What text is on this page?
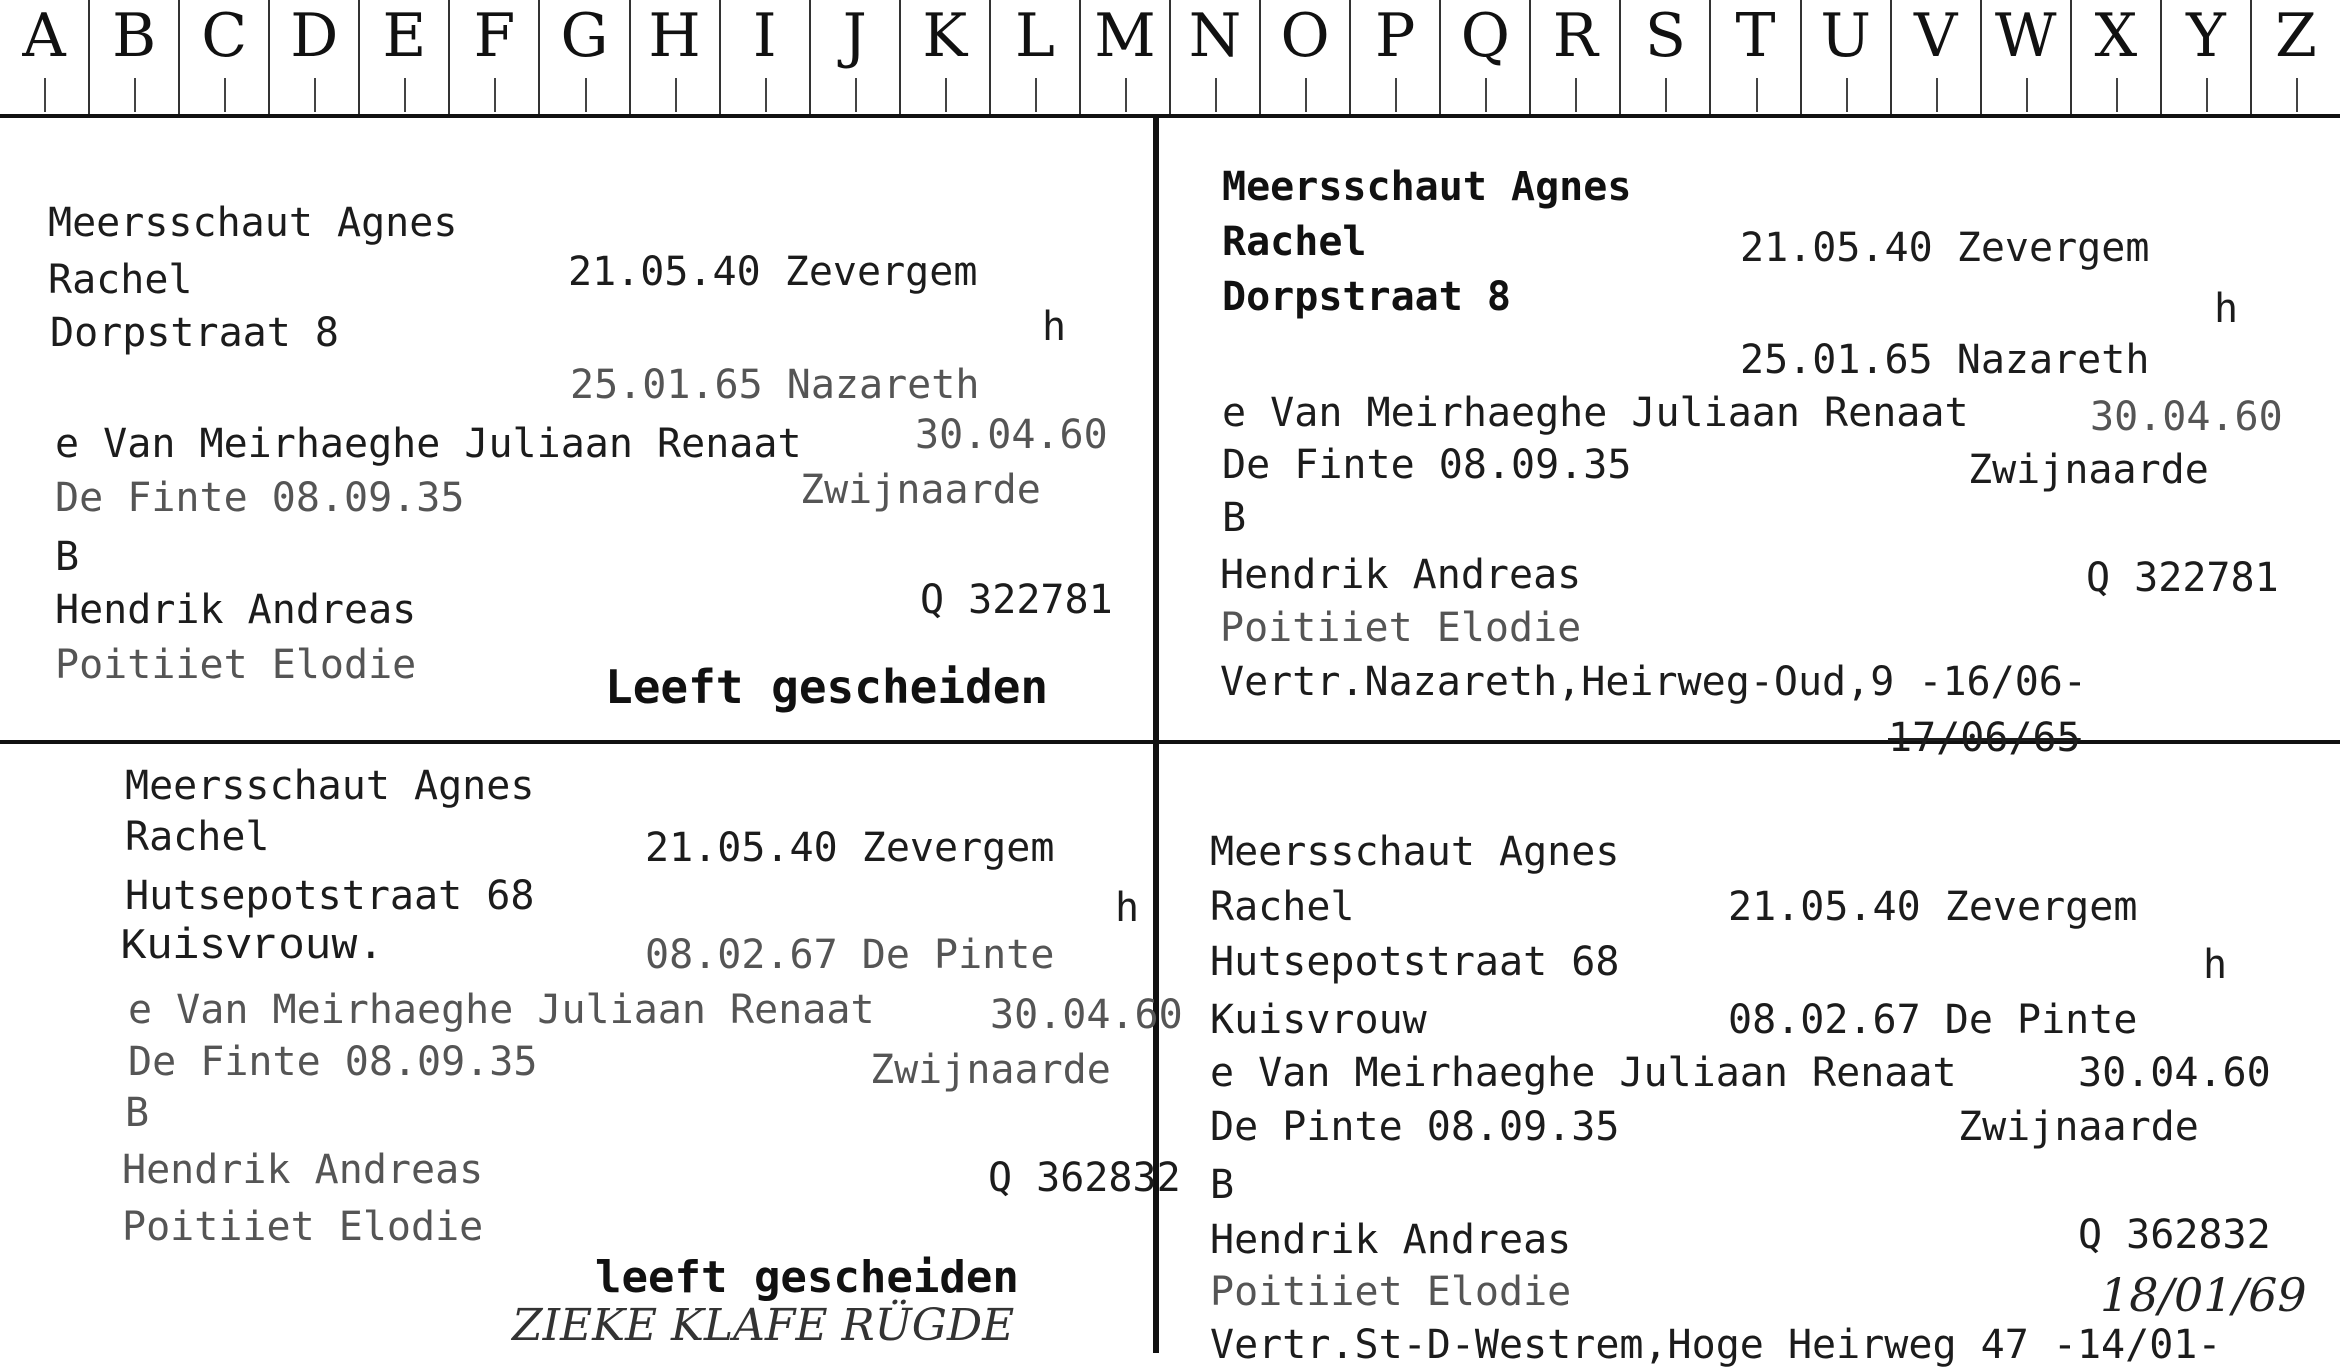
A B C D E F G H I	J K L M N O P Q R S T U V W X Y Z
Meersschaut Agnes
Rachel	21.05.40 Zevergem
Dorpstraat 8	h
25.01.65 Nazareth
e Van Meirhaeghe Juliaan Renaat	30.04.60
De Finte 08.09.35	Zwijnaarde
B
Hendrik Andreas	Q 322781
Poitiiet Elodie	Leeft gescheiden
Meersschaut Agnes
Rachel	21.05.40 Zevergem
Dorpstraat 8	h
25.01.65 Nazareth
e Van Meirhaeghe Juliaan Renaat	30.04.60
De Finte 08.09.35	Zwijnaarde
B
Hendrik Andreas	Q 322781
Poitiiet Elodie
Vertr.Nazareth,Heirweg-Oud,9 -16/06-
17/06/65
Meersschaut Agnes
Rachel	21.05.40 Zevergem
Hutsepotstraat 68	h
Kuisvrouw.	08.02.67 De Pinte
e Van Meirhaeghe Juliaan Renaat	30.04.60
De Finte 08.09.35	Zwijnaarde
B
Hendrik Andreas	Q 362832
Poitiiet Elodie
leeft gescheiden
ZIEKE KLAFE RÜGDE
Meersschaut Agnes
Rachel	21.05.40 Zevergem
Hutsepotstraat 68	h
Kuisvrouw	08.02.67 De Pinte
e Van Meirhaeghe Juliaan Renaat	30.04.60
De Pinte 08.09.35	Zwijnaarde
B
Hendrik Andreas	Q 362832
Poitiiet Elodie	18/01/69
Vertr.St-D-Westrem,Hoge Heirweg 47 -14/01-
